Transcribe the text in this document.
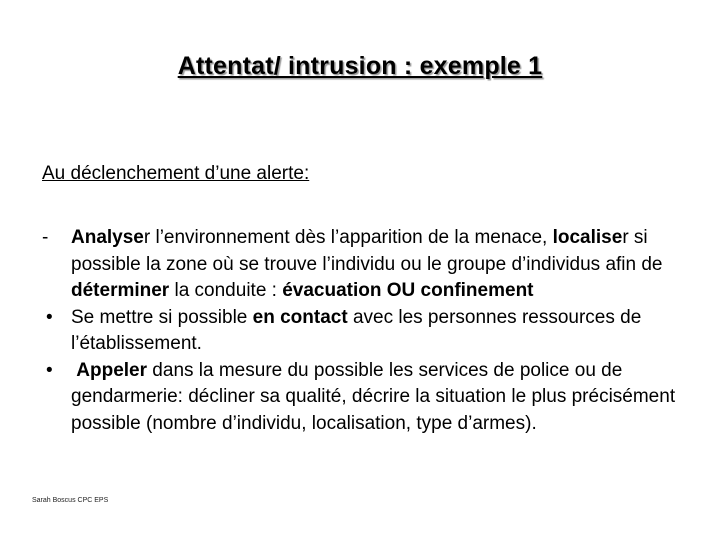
Attentat/ intrusion : exemple 1
Au déclenchement d’une alerte:
- Analyser l’environnement dès l’apparition de la menace, localiser si possible la zone où se trouve l’individu ou le groupe d’individus afin de déterminer la conduite : évacuation OU confinement
• Se mettre si possible en contact avec les personnes ressources de l’établissement.
• Appeler dans la mesure du possible les services de police ou de gendarmerie: décliner sa qualité, décrire la situation le plus précisément possible (nombre d’individu, localisation, type d’armes).
Sarah Boscus CPC EPS
